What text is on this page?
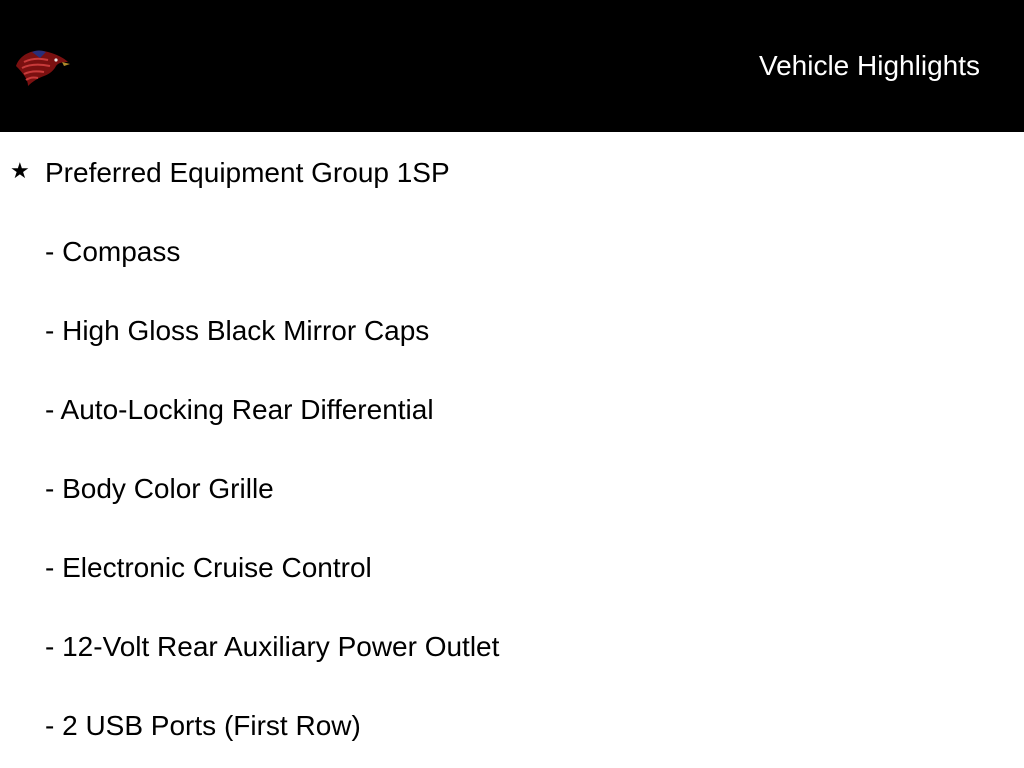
Vehicle Highlights
★ Preferred Equipment Group 1SP
- Compass
- High Gloss Black Mirror Caps
- Auto-Locking Rear Differential
- Body Color Grille
- Electronic Cruise Control
- 12-Volt Rear Auxiliary Power Outlet
- 2 USB Ports (First Row)
